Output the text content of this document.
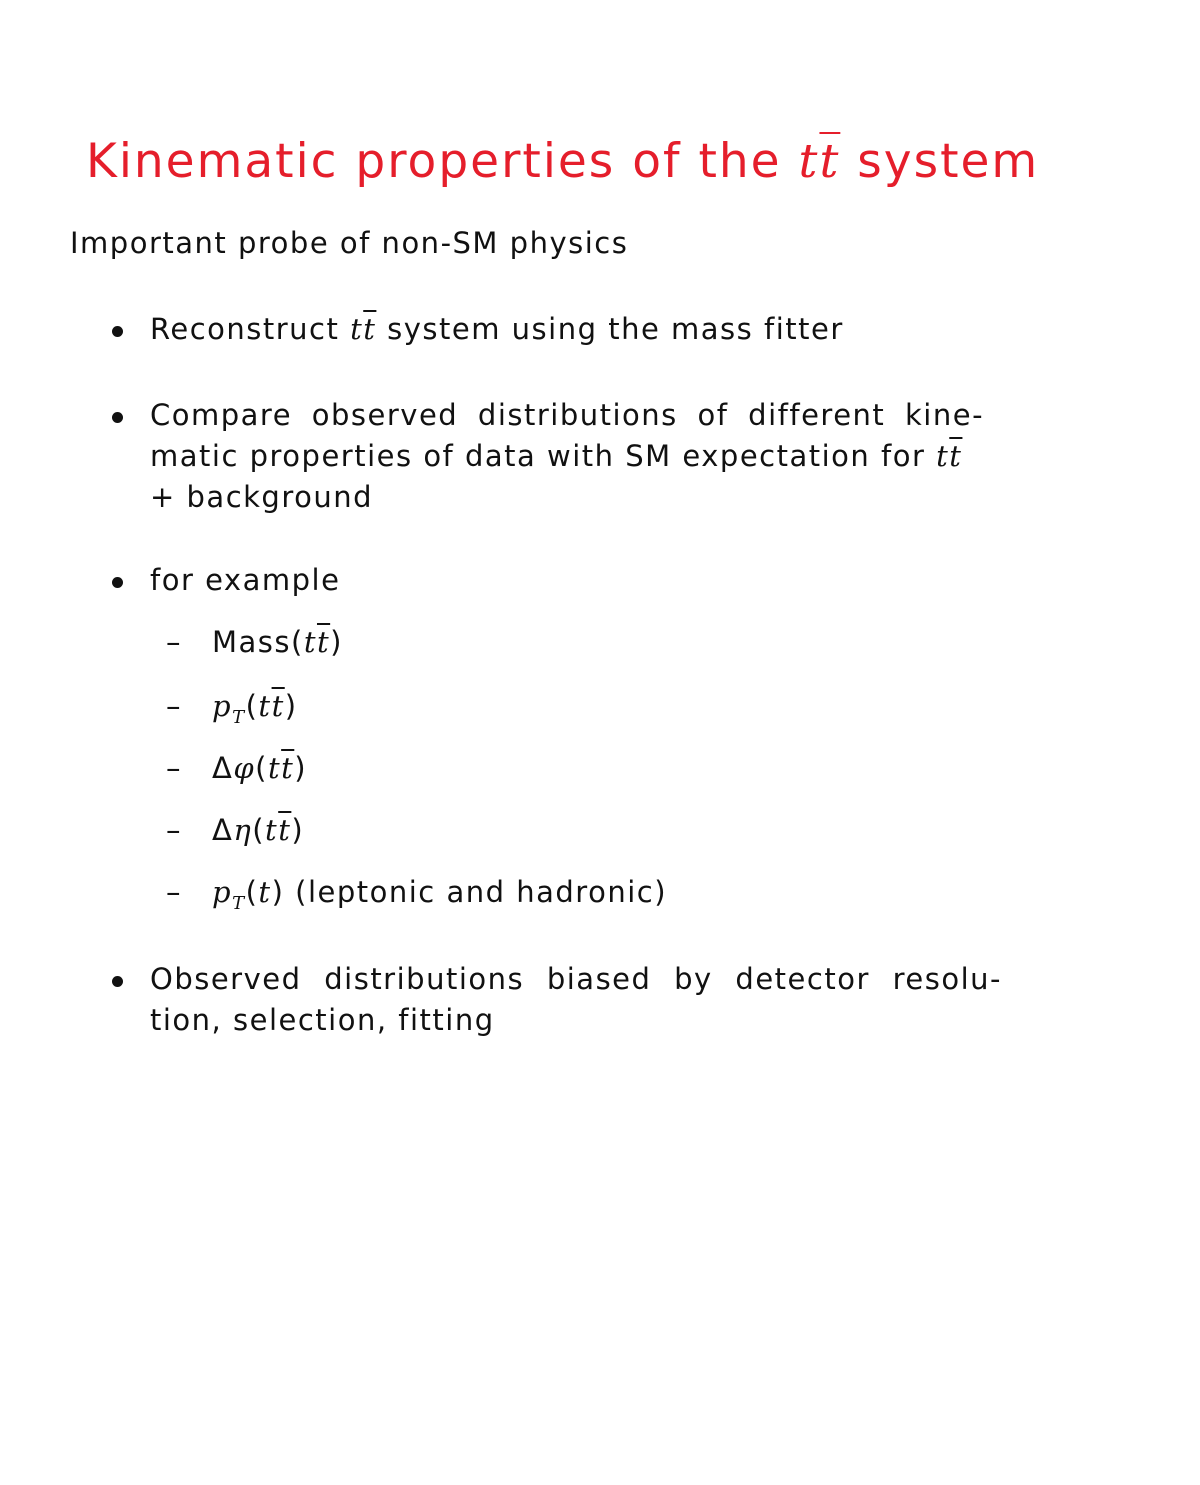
Kinematic properties of the $t\overline{t}$ system
Important probe of non-SM physics
Reconstruct $t\overline{t}$ system using the mass fitter
Compare observed distributions of different kine-
matic properties of data with SM expectation for $t\overline{t}$
+ background
for example
– $Mass(t\overline{t})$
– $p_T(t\overline{t})$
– $\Delta\varphi(t\overline{t})$
– $\Delta\eta(t\overline{t})$
– $p_T(t)$ (leptonic and hadronic)
Observed distributions biased by detector resolu-
tion, selection, fitting
